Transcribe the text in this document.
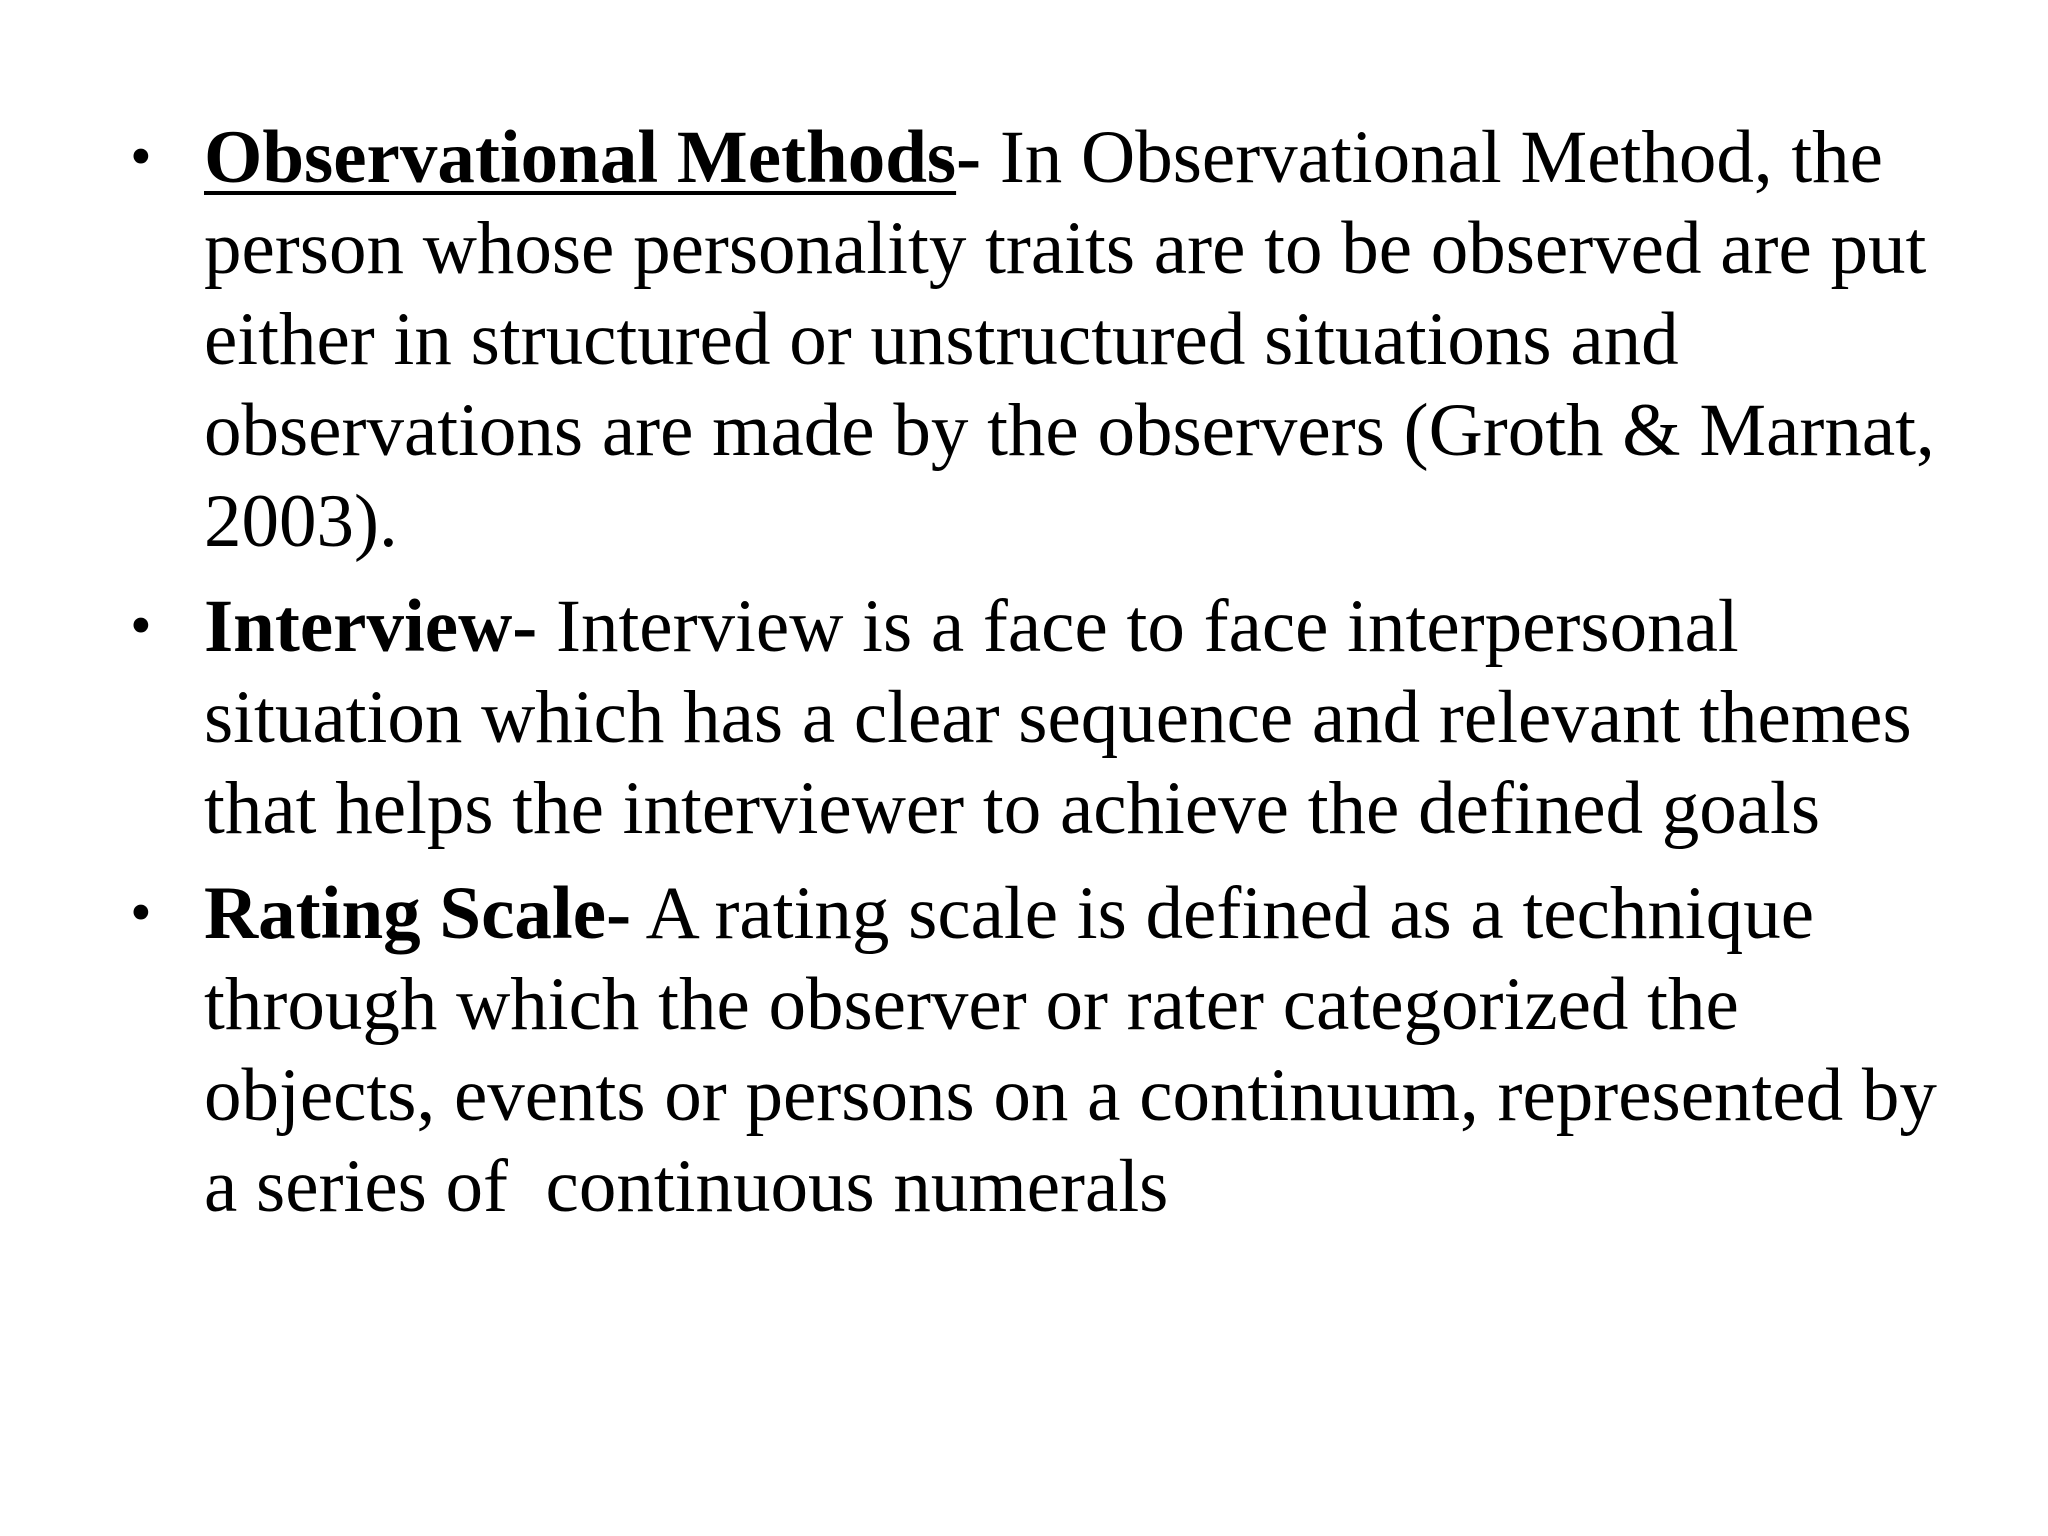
• Observational Methods- In Observational Method, the person whose personality traits are to be observed are put either in structured or unstructured situations and  observations are made by the observers (Groth & Marnat, 2003).
• Interview- Interview is a face to face interpersonal situation which has a clear sequence and relevant themes that helps the interviewer to achieve the defined goals
• Rating Scale- A rating scale is defined as a technique through which the observer or rater categorized the objects, events or persons on a continuum, represented by a series of  continuous numerals
